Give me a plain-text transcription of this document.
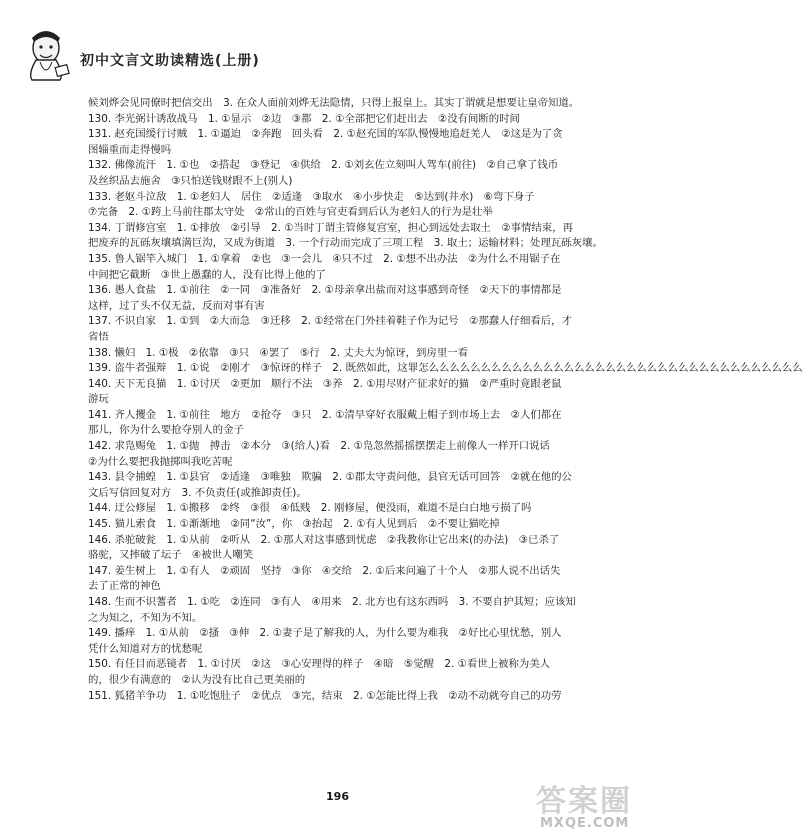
初中文言文助读精选(上册)
候刘烨会见同僚时把信交出　3. 在众人面前刘烨无法隐情，只得上报皇上。其实丁谓就是想要让皇帝知道。
130. 李光弼计诱敌战马　1. ①显示　②边　③都　2. ①全部把它们赶出去　②没有间断的时间
131. 赵充国缓行讨贼　1. ①逼迫　②奔跑　回头看　2. ①赵充国的军队慢慢地追赶羌人　②这是为了贪
图辎重而走得慢吗
132. 佛像流汗　1. ①也　②搭起　③登记　④供给　2. ①刘玄佐立刻叫人驾车(前往)　②自己拿了钱币
及丝织品去施舍　③只怕送钱财跟不上(别人)
133. 老妪斗泣敌　1. ①老妇人　居住　②适逢　③取水　④小步快走　⑤达到(井水)　⑥弯下身子
⑦完备　2. ①跨上马前往郡太守处　②常山的百姓与官吏看到后认为老妇人的行为是壮举
134. 丁谓修宫室　1. ①排放　②引导　2. ①当时丁谓主管修复宫室，担心到远处去取土　②事情结束，再
把废弃的瓦砾灰壤填满巨沟，又成为街道　3. 一个行动而完成了三项工程　3. 取土；运输材料；处理瓦砾灰壤。
135. 鲁人锯竿入城门　1. ①拿着　②也　③一会儿　④只不过　2. ①想不出办法　②为什么不用锯子在
中间把它截断　③世上愚蠢的人，没有比得上他的了
136. 愚人食盐　1. ①前往　②一同　③准备好　2. ①母亲拿出盐而对这事感到奇怪　②天下的事情都是
这样，过了头不仅无益，反而对事有害
137. 不识自家　1. ①到　②大而急　③迁移　2. ①经常在门外挂着鞋子作为记号　②那蠢人仔细看后，才
省悟
138. 懒妇　1. ①极　②依靠　③只　④罢了　⑤行　2. 丈夫大为惊讶，到房里一看
139. 盗牛者强辩　1. ①说　②刚才　③惊讶的样子　2. 既然如此，这罪怎么么么么么么么么么么么么么么么么么么么么么么么么么么么么么么么么么么么么
140. 天下无良猫　1. ①讨厌　②更加　顺行不法　③养　2. ①用尽财产征求好的猫　②严重时竟跟老鼠
游玩
141. 齐人攫金　1. ①前往　地方　②抢夺　③只　2. ①清早穿好衣服戴上帽子到市场上去　②人们都在
那儿，你为什么要抢夺别人的金子
142. 求凫赐兔　1. ①抛　搏击　②本分　③(给人)看　2. ①凫忽然摇摇摆摆走上前像人一样开口说话
②为什么要把我抛掷叫我吃苦呢
143. 县令捕蝗　1. ①县官　②适逢　③唯独　欺骗　2. ①郡太守责问他，县官无话可回答　②就在他的公
文后写信回复对方　3. 不负责任(或推卸责任)。
144. 迂公修屋　1. ①搬移　②终　③很　④低贱　2. 刚修屋，便没雨，难道不是白白地亏损了吗
145. 猫儿索食　1. ①渐渐地　②同“汝”，你　③抬起　2. ①有人见到后　②不要让猫吃掉
146. 杀驼破瓮　1. ①从前　②听从　2. ①那人对这事感到忧虑　②我教你让它出来(的办法)　③已杀了
骆驼，又摔破了坛子　④被世人嘲笑
147. 姜生树上　1. ①有人　②顽固　坚持　③你　④交给　2. ①后来问遍了十个人　②那人说不出话失
去了正常的神色
148. 生而不识蓍者　1. ①吃　②连同　③有人　④用来　2. 北方也有这东西吗　3. 不要自护其短；应该知
之为知之，不知为不知。
149. 播痒　1. ①从前　②搔　③伸　2. ①妻子是了解我的人，为什么要为难我　②好比心里忧愁，别人
凭什么知道对方的忧愁呢
150. 有任目而恶镜者　1. ①讨厌　②这　③心安理得的样子　④暗　⑤觉醒　2. ①看世上被称为美人
的，很少有满意的　②认为没有比自己更美丽的
151. 狐猪羊争功　1. ①吃饱肚子　②优点　③完，结束　2. ①怎能比得上我　②动不动就夸自己的功劳
196	答案圈
MXQE.COM
